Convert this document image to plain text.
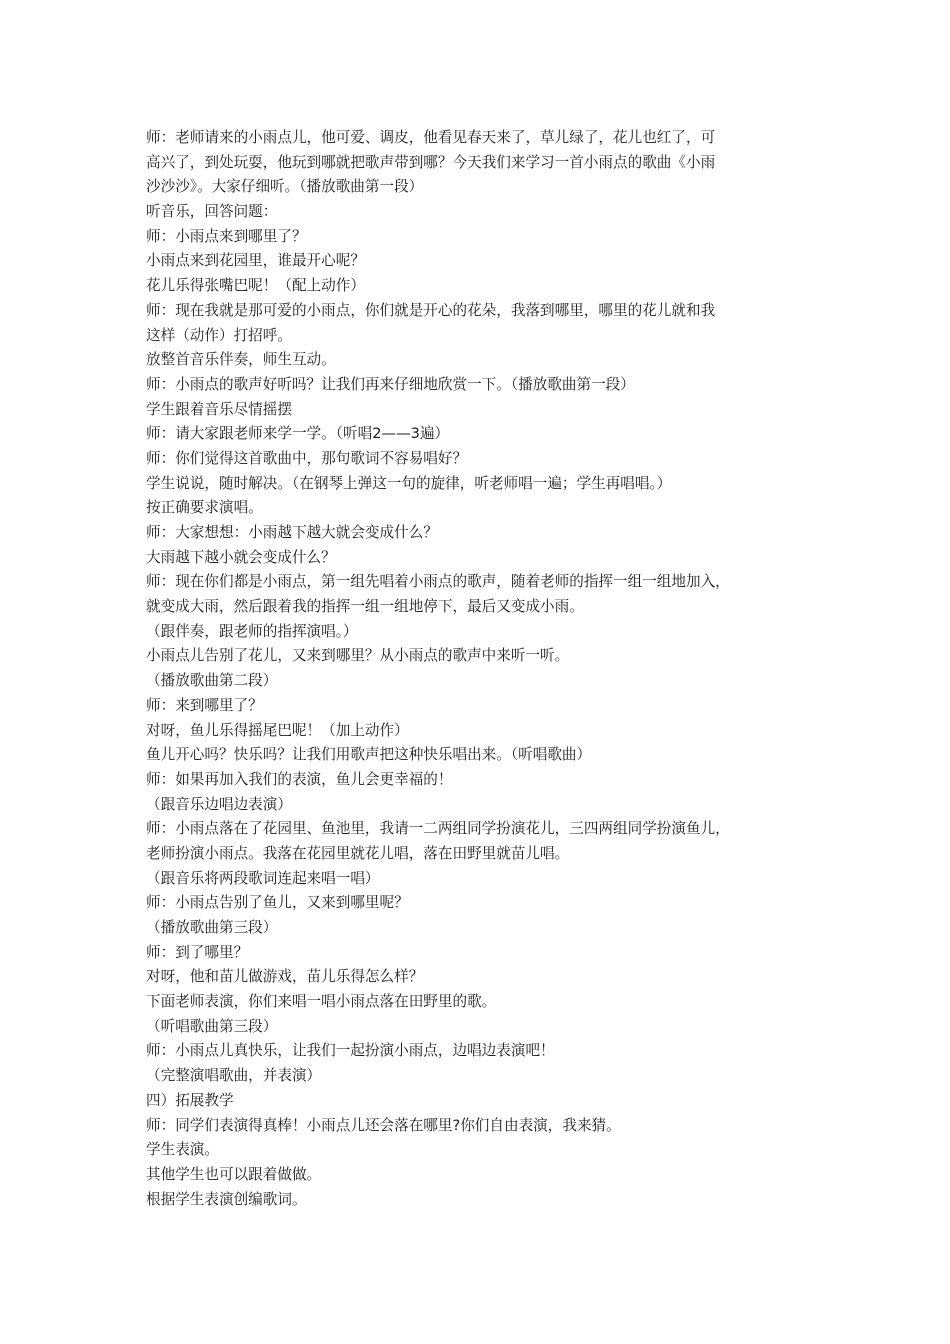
师：老师请来的小雨点儿，他可爱、调皮，他看见春天来了，草儿绿了，花儿也红了，可
高兴了，到处玩耍，他玩到哪就把歌声带到哪？今天我们来学习一首小雨点的歌曲《小雨
沙沙沙》。大家仔细听。（播放歌曲第一段）
听音乐，回答问题：
师：小雨点来到哪里了？
小雨点来到花园里，谁最开心呢？
花儿乐得张嘴巴呢！（配上动作）
师：现在我就是那可爱的小雨点，你们就是开心的花朵，我落到哪里，哪里的花儿就和我
这样（动作）打招呼。
放整首音乐伴奏，师生互动。
师：小雨点的歌声好听吗？让我们再来仔细地欣赏一下。（播放歌曲第一段）
学生跟着音乐尽情摇摆
师：请大家跟老师来学一学。（听唱2——3遍）
师：你们觉得这首歌曲中，那句歌词不容易唱好？
学生说说，随时解决。（在钢琴上弹这一句的旋律，听老师唱一遍；学生再唱唱。）
按正确要求演唱。
师：大家想想：小雨越下越大就会变成什么？
大雨越下越小就会变成什么？
师：现在你们都是小雨点，第一组先唱着小雨点的歌声，随着老师的指挥一组一组地加入，
就变成大雨，然后跟着我的指挥一组一组地停下，最后又变成小雨。
（跟伴奏，跟老师的指挥演唱。）
小雨点儿告别了花儿，又来到哪里？从小雨点的歌声中来听一听。
（播放歌曲第二段）
师：来到哪里了？
对呀，鱼儿乐得摇尾巴呢！（加上动作）
鱼儿开心吗？快乐吗？让我们用歌声把这种快乐唱出来。（听唱歌曲）
师：如果再加入我们的表演，鱼儿会更幸福的！
（跟音乐边唱边表演）
师：小雨点落在了花园里、鱼池里，我请一二两组同学扮演花儿，三四两组同学扮演鱼儿，
老师扮演小雨点。我落在花园里就花儿唱，落在田野里就苗儿唱。
（跟音乐将两段歌词连起来唱一唱）
师：小雨点告别了鱼儿，又来到哪里呢？
（播放歌曲第三段）
师：到了哪里？
对呀，他和苗儿做游戏，苗儿乐得怎么样？
下面老师表演，你们来唱一唱小雨点落在田野里的歌。
（听唱歌曲第三段）
师：小雨点儿真快乐，让我们一起扮演小雨点，边唱边表演吧！
（完整演唱歌曲，并表演）
四）拓展教学
师：同学们表演得真棒！小雨点儿还会落在哪里?你们自由表演，我来猜。
学生表演。
其他学生也可以跟着做做。
根据学生表演创编歌词。
